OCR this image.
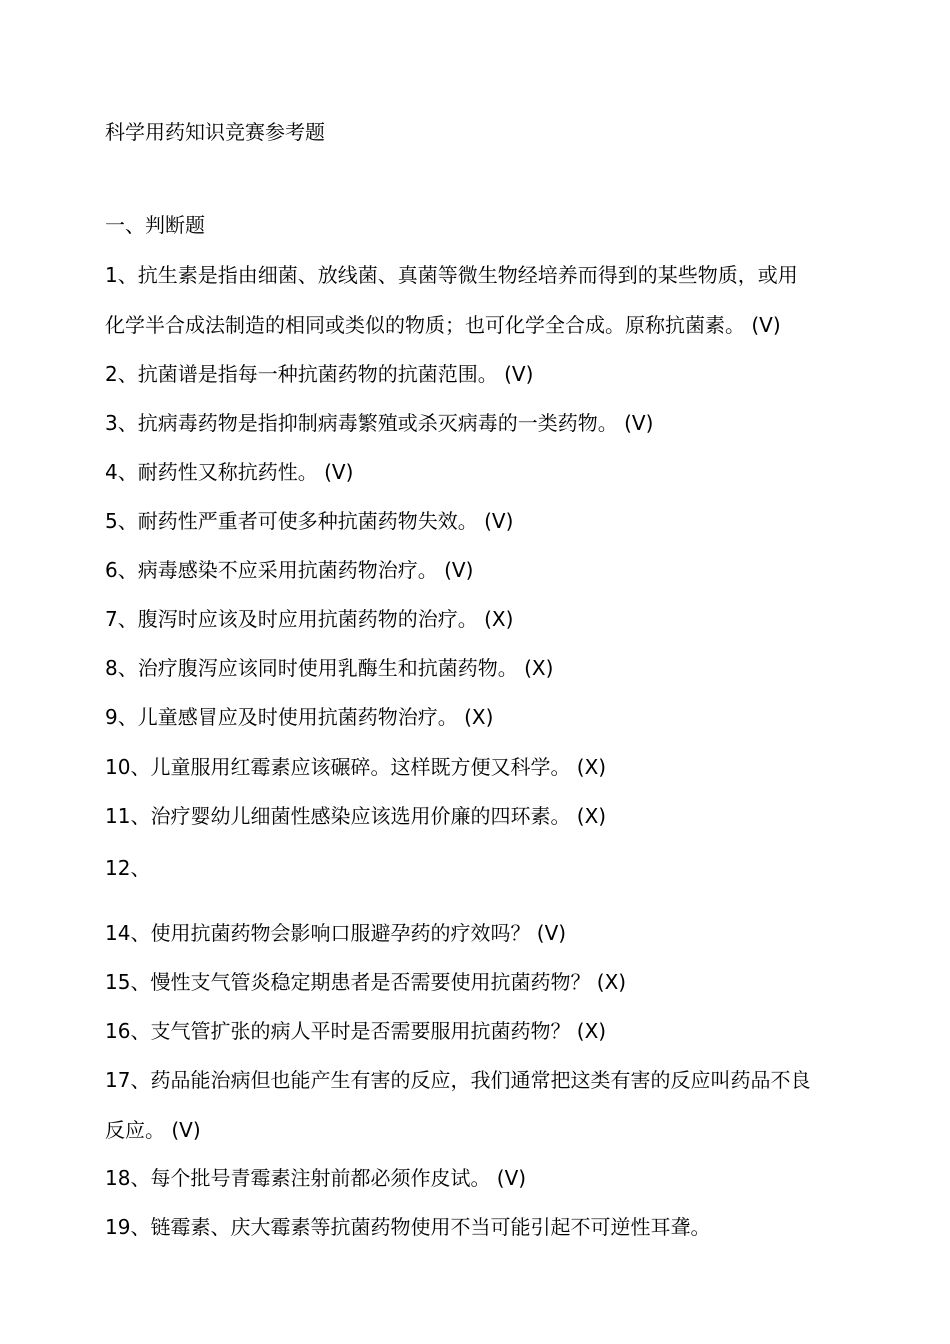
科学用药知识竞赛参考题
一、判断题
1、抗生素是指由细菌、放线菌、真菌等微生物经培养而得到的某些物质，或用
化学半合成法制造的相同或类似的物质；也可化学全合成。原称抗菌素。 (V)
2、抗菌谱是指每一种抗菌药物的抗菌范围。 (V)
3、抗病毒药物是指抑制病毒繁殖或杀灭病毒的一类药物。 (V)
4、耐药性又称抗药性。 (V)
5、耐药性严重者可使多种抗菌药物失效。 (V)
6、病毒感染不应采用抗菌药物治疗。 (V)
7、腹泻时应该及时应用抗菌药物的治疗。 (X)
8、治疗腹泻应该同时使用乳酶生和抗菌药物。 (X)
9、儿童感冒应及时使用抗菌药物治疗。 (X)
10、儿童服用红霉素应该碾碎。这样既方便又科学。 (X)
11、治疗婴幼儿细菌性感染应该选用价廉的四环素。 (X)
12、
14、使用抗菌药物会影响口服避孕药的疗效吗？ (V)
15、慢性支气管炎稳定期患者是否需要使用抗菌药物？ (X)
16、支气管扩张的病人平时是否需要服用抗菌药物？ (X)
17、药品能治病但也能产生有害的反应，我们通常把这类有害的反应叫药品不良
反应。 (V)
18、每个批号青霉素注射前都必须作皮试。 (V)
19、链霉素、庆大霉素等抗菌药物使用不当可能引起不可逆性耳聋。
